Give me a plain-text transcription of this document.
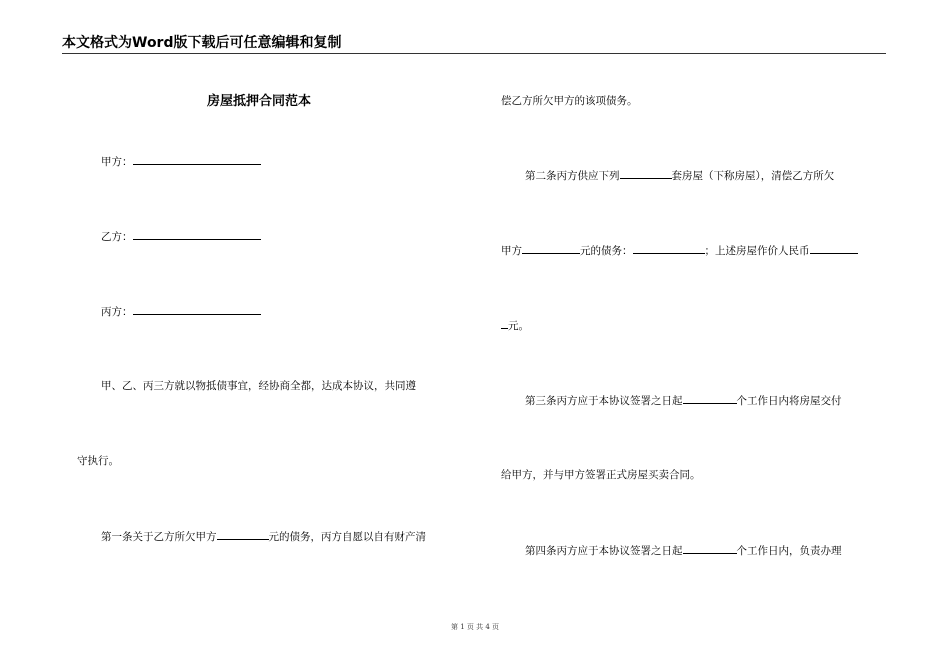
本文格式为Word版下载后可任意编辑和复制
房屋抵押合同范本
甲方：
乙方：
丙方：
甲、乙、丙三方就以物抵债事宜，经协商全都，达成本协议，共同遵
守执行。
第一条关于乙方所欠甲方	元的债务，丙方自愿以自有财产清
偿乙方所欠甲方的该项债务。
第二条丙方供应下列	套房屋（下称房屋），清偿乙方所欠
甲方	元的债务：	；上述房屋作价人民币
元。
第三条丙方应于本协议签署之日起	个工作日内将房屋交付
给甲方，并与甲方签署正式房屋买卖合同。
第四条丙方应于本协议签署之日起	个工作日内，负责办理
第 1 页 共 4 页
